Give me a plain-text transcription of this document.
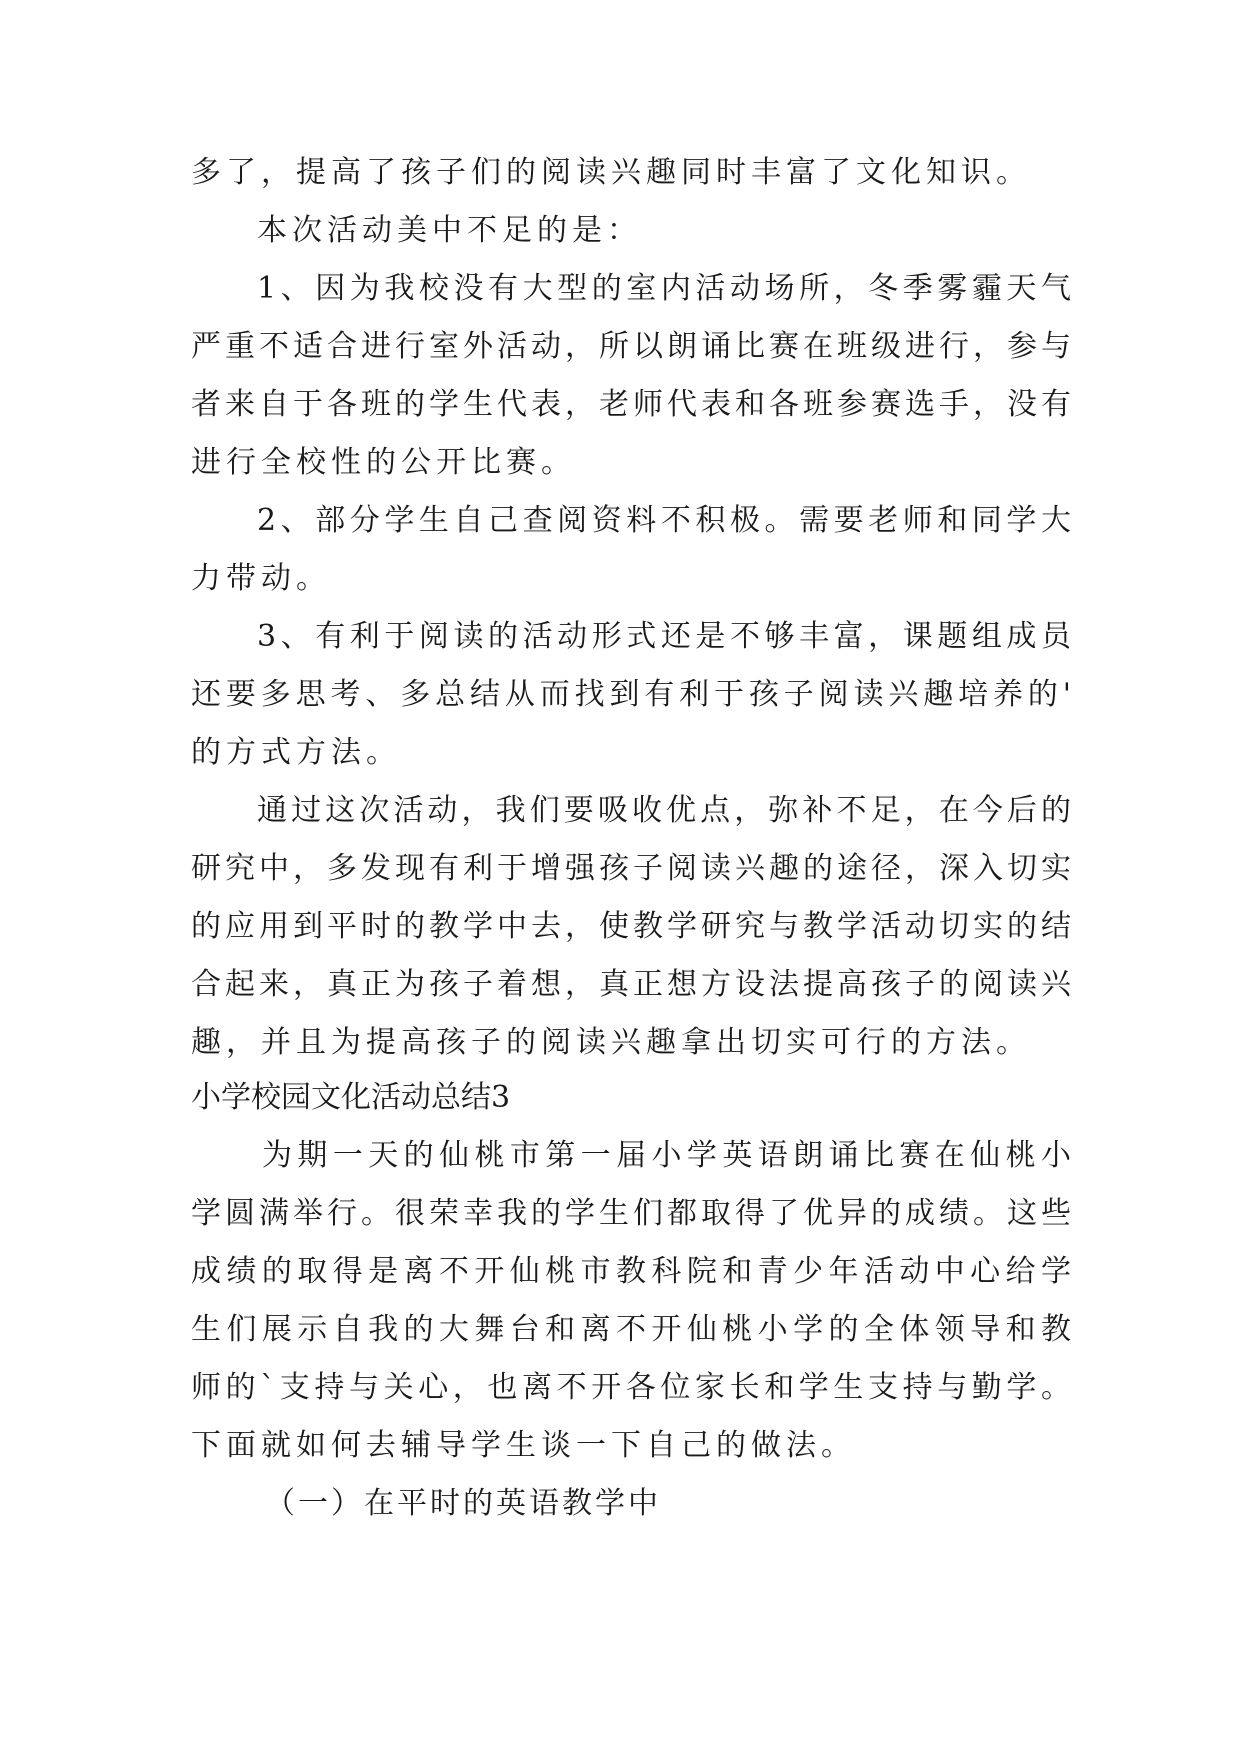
多了，提高了孩子们的阅读兴趣同时丰富了文化知识。
本次活动美中不足的是：
1、因为我校没有大型的室内活动场所，冬季雾霾天气
严重不适合进行室外活动，所以朗诵比赛在班级进行，参与
者来自于各班的学生代表，老师代表和各班参赛选手，没有
进行全校性的公开比赛。
2、部分学生自己查阅资料不积极。需要老师和同学大
力带动。
3、有利于阅读的活动形式还是不够丰富，课题组成员
还要多思考、多总结从而找到有利于孩子阅读兴趣培养的'
的方式方法。
通过这次活动，我们要吸收优点，弥补不足，在今后的
研究中，多发现有利于增强孩子阅读兴趣的途径，深入切实
的应用到平时的教学中去，使教学研究与教学活动切实的结
合起来，真正为孩子着想，真正想方设法提高孩子的阅读兴
趣，并且为提高孩子的阅读兴趣拿出切实可行的方法。
小学校园文化活动总结3
为期一天的仙桃市第一届小学英语朗诵比赛在仙桃小
学圆满举行。很荣幸我的学生们都取得了优异的成绩。这些
成绩的取得是离不开仙桃市教科院和青少年活动中心给学
生们展示自我的大舞台和离不开仙桃小学的全体领导和教
师的`支持与关心，也离不开各位家长和学生支持与勤学。
下面就如何去辅导学生谈一下自己的做法。
（一）在平时的英语教学中
